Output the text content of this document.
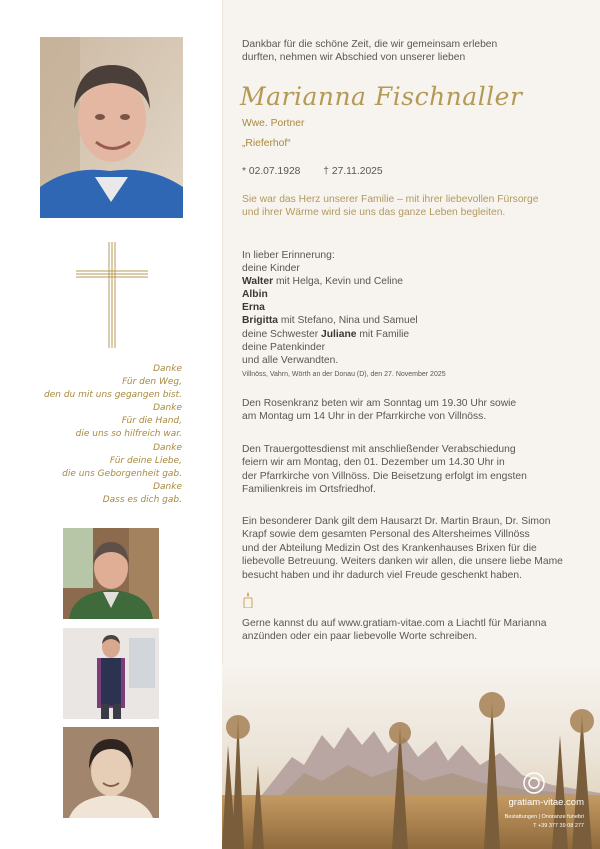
Danke
Für den Weg,
den du mit uns gegangen bist.
Danke
Für die Hand,
die uns so hilfreich war.
Danke
Für deine Liebe,
die uns Geborgenheit gab.
Danke
Dass es dich gab.
Dankbar für die schöne Zeit, die wir gemeinsam erleben
durften, nehmen wir Abschied von unserer lieben
Marianna Fischnaller
Wwe. Portner
„Rieferhof“
* 02.07.1928 † 27.11.2025
Sie war das Herz unserer Familie – mit ihrer liebevollen Fürsorge
und ihrer Wärme wird sie uns das ganze Leben begleiten.
In lieber Erinnerung:
deine Kinder
Walter mit Helga, Kevin und Celine
Albin
Erna
Brigitta mit Stefano, Nina und Samuel
deine Schwester Juliane mit Familie
deine Patenkinder
und alle Verwandten.
Villnöss, Vahrn, Wörth an der Donau (D), den 27. November 2025
Den Rosenkranz beten wir am Sonntag um 19.30 Uhr sowie
am Montag um 14 Uhr in der Pfarrkirche von Villnöss.
Den Trauergottesdienst mit anschließender Verabschiedung
feiern wir am Montag, den 01. Dezember um 14.30 Uhr in
der Pfarrkirche von Villnöss. Die Beisetzung erfolgt im engsten
Familienkreis im Ortsfriedhof.
Ein besonderer Dank gilt dem Hausarzt Dr. Martin Braun, Dr. Simon
Krapf sowie dem gesamten Personal des Altersheimes Villnöss
und der Abteilung Medizin Ost des Krankenhauses Brixen für die
liebevolle Betreuung. Weiters danken wir allen, die unsere liebe Mame
besucht haben und ihr dadurch viel Freude geschenkt haben.
Gerne kannst du auf www.gratiam-vitae.com a Liachtl für Marianna
anzünden oder ein paar liebevolle Worte schreiben.
gratiam-vitae.com
Bestattungen | Onoranze funebri
T +39 377 39 08 277
